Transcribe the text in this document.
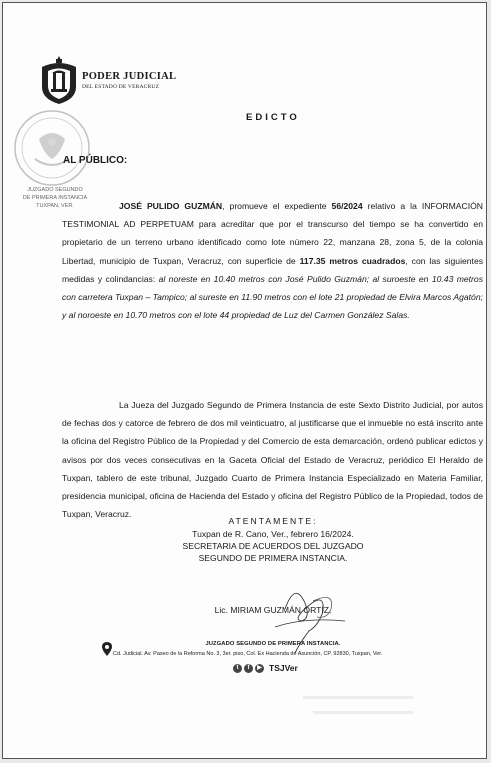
PODER JUDICIAL
DEL ESTADO DE VERACRUZ
JUZGADO SEGUNDO
DE PRIMERA INSTANCIA
TUXPAN, VER.
EDICTO
AL PÚBLICO:
JOSÉ PULIDO GUZMÁN, promueve el expediente 56/2024 relativo a la INFORMACIÓN TESTIMONIAL AD PERPETUAM para acreditar que por el transcurso del tiempo se ha convertido en propietario de un terreno urbano identificado como lote número 22, manzana 28, zona 5, de la colonia Libertad, municipio de Tuxpan, Veracruz, con superficie de 117.35 metros cuadrados, con las siguientes medidas y colindancias: al noreste en 10.40 metros con José Pulido Guzmán; al suroeste en 10.43 metros con carretera Tuxpan – Tampico; al sureste en 11.90 metros con el lote 21 propiedad de Elvira Marcos Agatón; y al noroeste en 10.70 metros con el lote 44 propiedad de Luz del Carmen González Salas.
La Jueza del Juzgado Segundo de Primera Instancia de este Sexto Distrito Judicial, por autos de fechas dos y catorce de febrero de dos mil veinticuatro, al justificarse que el inmueble no está inscrito ante la oficina del Registro Público de la Propiedad y del Comercio de esta demarcación, ordenó publicar edictos y avisos por dos veces consecutivas en la Gaceta Oficial del Estado de Veracruz, periódico El Heraldo de Tuxpan, tablero de este tribunal, Juzgado Cuarto de Primera Instancia Especializado en Materia Familiar, presidencia municipal, oficina de Hacienda del Estado y oficina del Registro Público de la Propiedad, todos de Tuxpan, Veracruz.
ATENTAMENTE:
Tuxpan de R. Cano, Ver., febrero 16/2024.
SECRETARIA DE ACUERDOS DEL JUZGADO
SEGUNDO DE PRIMERA INSTANCIA.
Lic. MIRIAM GUZMÁN ORTÍZ.
JUZGADO SEGUNDO DE PRIMERA INSTANCIA.
Cd. Judicial. Av. Paseo de la Reforma No. 3, 3er. piso, Col. Ex Hacienda de Asunción, CP. 92830, Tuxpan, Ver.
t	f	▶ TSJVer
